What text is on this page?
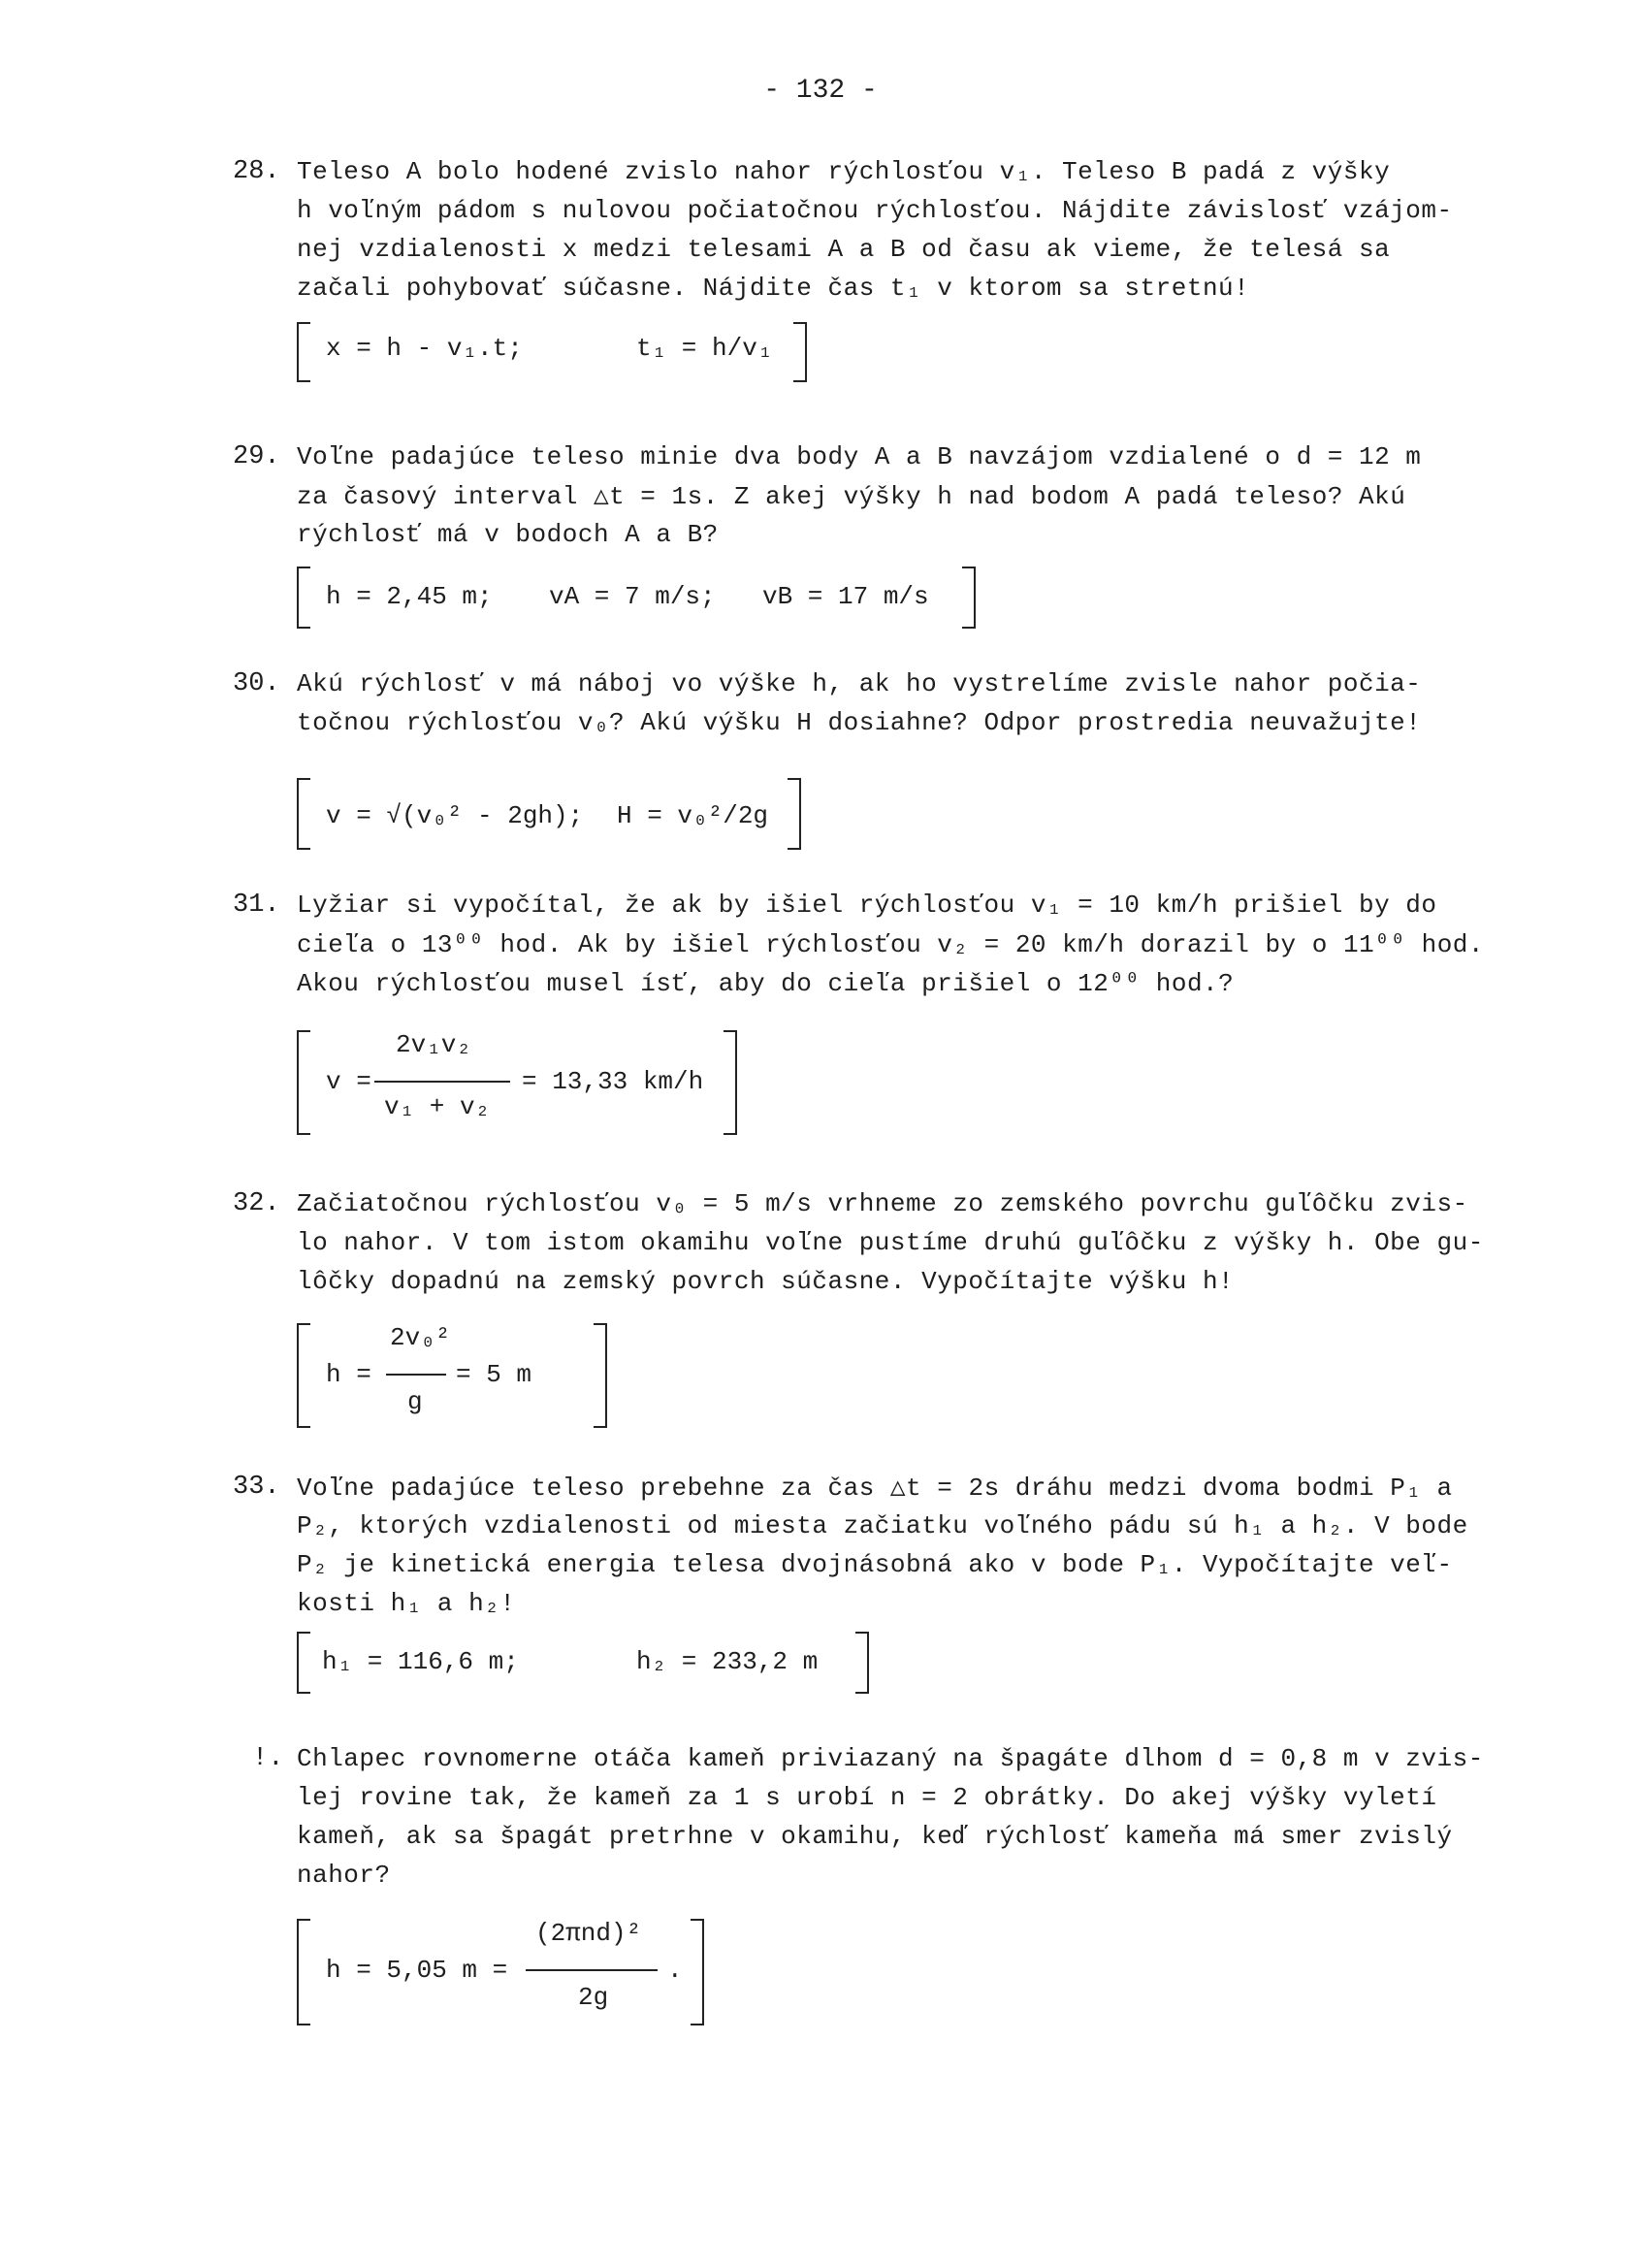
- 132 -
28. Teleso A bolo hodené zvislo nahor rýchlosťou v₁. Teleso B padá z výšky
h voľným pádom s nulovou počiatočnou rýchlosťou. Nájdite závislosť vzájom-
nej vzdialenosti x medzi telesami A a B od času ak vieme, že telesá sa
začali pohybovať súčasne. Nájdite čas t₁ v ktorom sa stretnú!
x = h - v₁.t;	t₁ = h/v₁
29. Voľne padajúce teleso minie dva body A a B navzájom vzdialené o d = 12 m
za časový interval △t = 1s. Z akej výšky h nad bodom A padá teleso? Akú
rýchlosť má v bodoch A a B?
h = 2,45 m; vA = 7 m/s; vB = 17 m/s
30. Akú rýchlosť v má náboj vo výške h, ak ho vystrelíme zvisle nahor počia-
točnou rýchlosťou v₀? Akú výšku H dosiahne? Odpor prostredia neuvažujte!
v = √(v₀² - 2gh); H = v₀²/2g
31. Lyžiar si vypočítal, že ak by išiel rýchlosťou v₁ = 10 km/h prišiel by do
cieľa o 13⁰⁰ hod. Ak by išiel rýchlosťou v₂ = 20 km/h dorazil by o 11⁰⁰ hod.
Akou rýchlosťou musel ísť, aby do cieľa prišiel o 12⁰⁰ hod.?
v =
2v₁v₂
v₁ + v₂
= 13,33 km/h
32. Začiatočnou rýchlosťou v₀ = 5 m/s vrhneme zo zemského povrchu guľôčku zvis-
lo nahor. V tom istom okamihu voľne pustíme druhú guľôčku z výšky h. Obe gu-
lôčky dopadnú na zemský povrch súčasne. Vypočítajte výšku h!
h =
2v₀²
g
= 5 m
33. Voľne padajúce teleso prebehne za čas △t = 2s dráhu medzi dvoma bodmi P₁ a
P₂, ktorých vzdialenosti od miesta začiatku voľného pádu sú h₁ a h₂. V bode
P₂ je kinetická energia telesa dvojnásobná ako v bode P₁. Vypočítajte veľ-
kosti h₁ a h₂!
h₁ = 116,6 m;	h₂ = 233,2 m
!. Chlapec rovnomerne otáča kameň priviazaný na špagáte dlhom d = 0,8 m v zvis-
lej rovine tak, že kameň za 1 s urobí n = 2 obrátky. Do akej výšky vyletí
kameň, ak sa špagát pretrhne v okamihu, keď rýchlosť kameňa má smer zvislý
nahor?
h = 5,05 m =
(2πnd)²
2g
.
